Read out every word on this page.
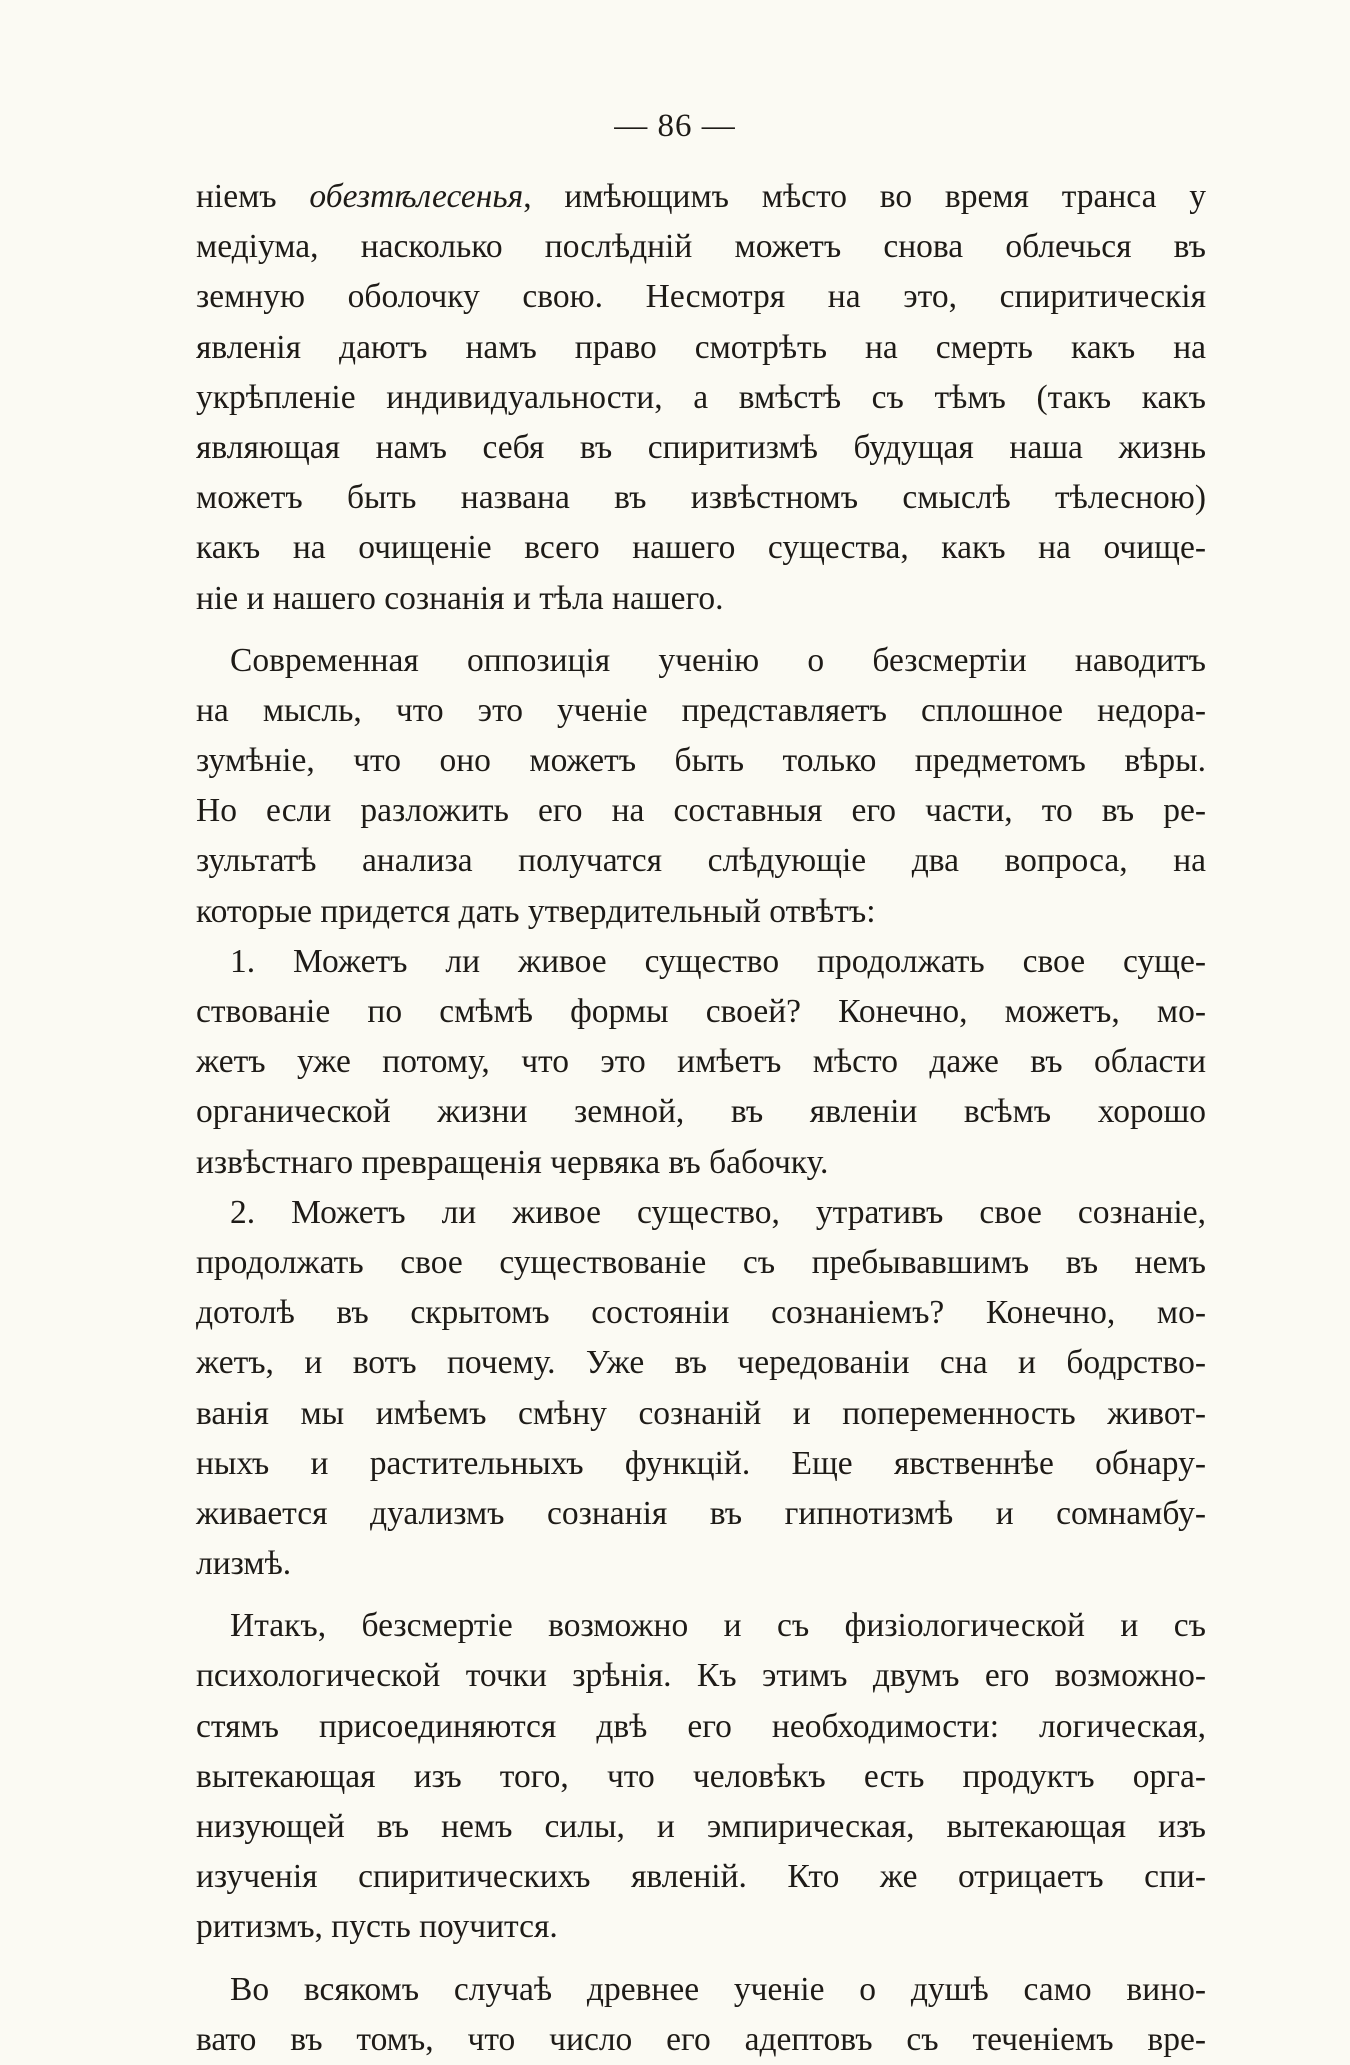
— 86 —
нiемъ обезтѣлесенья, имѣющимъ мѣсто во время транса у
медiума, насколько послѣднiй можетъ снова облечься въ
земную оболочку свою. Несмотря на это, спиритическiя
явленiя даютъ намъ право смотрѣть на смерть какъ на
укрѣпленiе индивидуальности, а вмѣстѣ съ тѣмъ (такъ какъ
являющая намъ себя въ спиритизмѣ будущая наша жизнь
можетъ быть названа въ извѣстномъ смыслѣ тѣлесною)
какъ на очищенiе всего нашего существа, какъ на очище-
нiе и нашего сознанiя и тѣла нашего.
Современная оппозицiя ученiю о безсмертiи наводитъ
на мысль, что это ученiе представляетъ сплошное недора-
зумѣнiе, что оно можетъ быть только предметомъ вѣры.
Но если разложить его на составныя его части, то въ ре-
зультатѣ анализа получатся слѣдующiе два вопроса, на
которые придется дать утвердительный отвѣтъ:
1. Можетъ ли живое существо продолжать свое суще-
ствованiе по смѣмѣ формы своей? Конечно, можетъ, мо-
жетъ уже потому, что это имѣетъ мѣсто даже въ области
органической жизни земной, въ явленiи всѣмъ хорошо
извѣстнаго превращенiя червяка въ бабочку.
2. Можетъ ли живое существо, утративъ свое сознанiе,
продолжать свое существованiе съ пребывавшимъ въ немъ
дотолѣ въ скрытомъ состоянiи сознанiемъ? Конечно, мо-
жетъ, и вотъ почему. Уже въ чередованiи сна и бодрство-
ванiя мы имѣемъ смѣну сознанiй и попеременность живот-
ныхъ и растительныхъ функцiй. Еще явственнѣе обнару-
живается дуализмъ сознанiя въ гипнотизмѣ и сомнамбу-
лизмѣ.
Итакъ, безсмертiе возможно и съ физiологической и съ
психологической точки зрѣнiя. Къ этимъ двумъ его возможно-
стямъ присоединяются двѣ его необходимости: логическая,
вытекающая изъ того, что человѣкъ есть продуктъ орга-
низующей въ немъ силы, и эмпирическая, вытекающая изъ
изученiя спиритическихъ явленiй. Кто же отрицаетъ спи-
ритизмъ, пусть поучится.
Во всякомъ случаѣ древнее ученiе о душѣ само вино-
вато въ томъ, что число его адептовъ съ теченiемъ вре-
